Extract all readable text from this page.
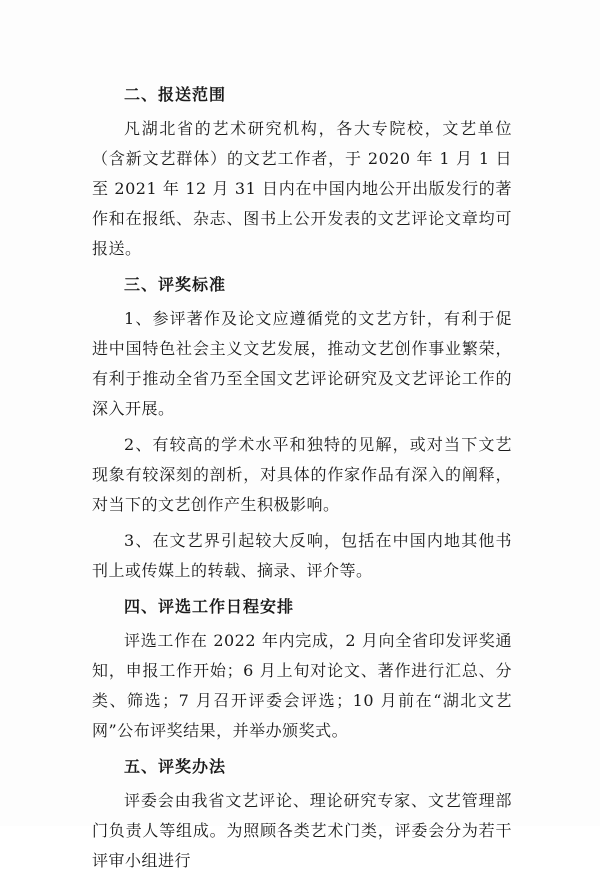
二、报送范围

凡湖北省的艺术研究机构，各大专院校，文艺单位（含新文艺群体）的文艺工作者，于 2020 年 1 月 1 日至 2021 年 12 月 31 日内在中国内地公开出版发行的著作和在报纸、杂志、图书上公开发表的文艺评论文章均可报送。

三、评奖标准

1、参评著作及论文应遵循党的文艺方针，有利于促进中国特色社会主义文艺发展，推动文艺创作事业繁荣，有利于推动全省乃至全国文艺评论研究及文艺评论工作的深入开展。

2、有较高的学术水平和独特的见解，或对当下文艺现象有较深刻的剖析，对具体的作家作品有深入的阐释，对当下的文艺创作产生积极影响。

3、在文艺界引起较大反响，包括在中国内地其他书刊上或传媒上的转载、摘录、评介等。

四、评选工作日程安排

评选工作在 2022 年内完成，2 月向全省印发评奖通知，申报工作开始；6 月上旬对论文、著作进行汇总、分类、筛选；7 月召开评委会评选；10 月前在“湖北文艺网”公布评奖结果，并举办颁奖式。

五、评奖办法

评委会由我省文艺评论、理论研究专家、文艺管理部门负责人等组成。为照顾各类艺术门类，评委会分为若干评审小组进行
